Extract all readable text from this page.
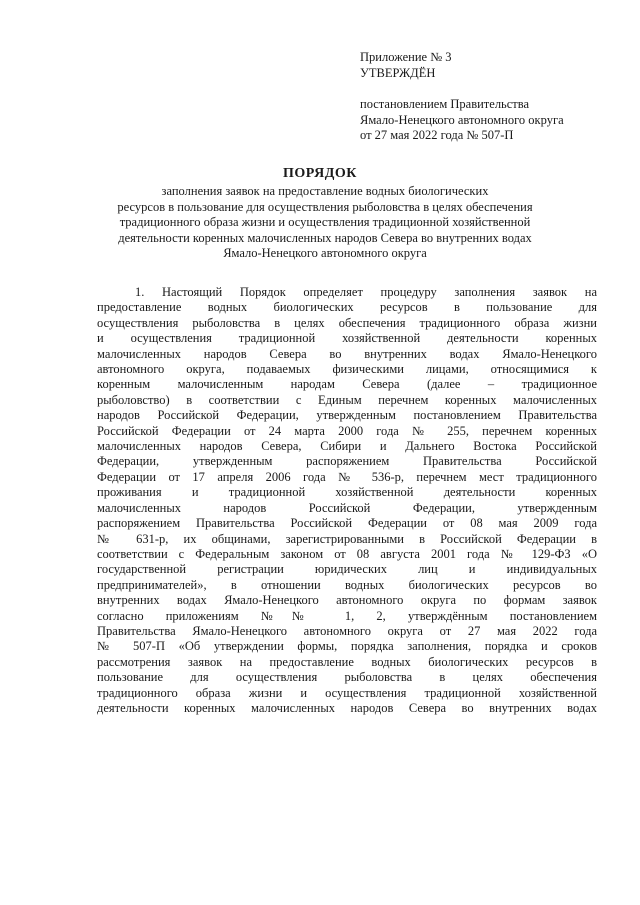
Приложение № 3
УТВЕРЖДЁН
постановлением Правительства
Ямало-Ненецкого автономного округа
от 27 мая 2022 года № 507-П
ПОРЯДОК
заполнения заявок на предоставление водных биологических
ресурсов в пользование для осуществления рыболовства в целях обеспечения
традиционного образа жизни и осуществления традиционной хозяйственной
деятельности коренных малочисленных народов Севера во внутренних водах
Ямало-Ненецкого автономного округа
1. Настоящий Порядок определяет процедуру заполнения заявок на
предоставление водных биологических ресурсов в пользование для
осуществления рыболовства в целях обеспечения традиционного образа жизни
и осуществления традиционной хозяйственной деятельности коренных
малочисленных народов Севера во внутренних водах Ямало-Ненецкого
автономного округа, подаваемых физическими лицами, относящимися к
коренным малочисленным народам Севера (далее – традиционное
рыболовство) в соответствии с Единым перечнем коренных малочисленных
народов Российской Федерации, утвержденным постановлением Правительства
Российской Федерации от 24 марта 2000 года № 255, перечнем коренных
малочисленных народов Севера, Сибири и Дальнего Востока Российской
Федерации, утвержденным распоряжением Правительства Российской
Федерации от 17 апреля 2006 года № 536-р, перечнем мест традиционного
проживания и традиционной хозяйственной деятельности коренных
малочисленных народов Российской Федерации, утвержденным
распоряжением Правительства Российской Федерации от 08 мая 2009 года
№ 631-р, их общинами, зарегистрированными в Российской Федерации в
соответствии с Федеральным законом от 08 августа 2001 года № 129-ФЗ «О
государственной регистрации юридических лиц и индивидуальных
предпринимателей», в отношении водных биологических ресурсов во
внутренних водах Ямало-Ненецкого автономного округа по формам заявок
согласно приложениям №№ 1, 2, утверждённым постановлением
Правительства Ямало-Ненецкого автономного округа от 27 мая 2022 года
№ 507-П «Об утверждении формы, порядка заполнения, порядка и сроков
рассмотрения заявок на предоставление водных биологических ресурсов в
пользование для осуществления рыболовства в целях обеспечения
традиционного образа жизни и осуществления традиционной хозяйственной
деятельности коренных малочисленных народов Севера во внутренних водах
